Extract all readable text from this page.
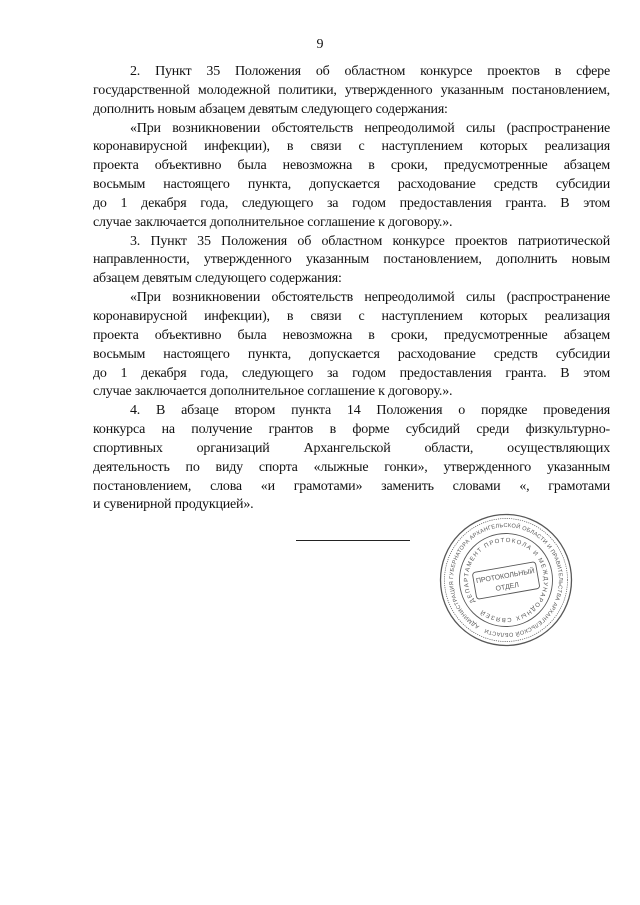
9
2. Пункт 35 Положения об областном конкурсе проектов в сфере
государственной молодежной политики, утвержденного указанным постановлением,
дополнить новым абзацем девятым следующего содержания:
«При возникновении обстоятельств непреодолимой силы (распространение
коронавирусной инфекции), в связи с наступлением которых реализация
проекта объективно была невозможна в сроки, предусмотренные абзацем
восьмым настоящего пункта, допускается расходование средств субсидии
до 1 декабря года, следующего за годом предоставления гранта. В этом
случае заключается дополнительное соглашение к договору.».
3. Пункт 35 Положения об областном конкурсе проектов патриотической
направленности, утвержденного указанным постановлением, дополнить новым
абзацем девятым следующего содержания:
«При возникновении обстоятельств непреодолимой силы (распространение
коронавирусной инфекции), в связи с наступлением которых реализация
проекта объективно была невозможна в сроки, предусмотренные абзацем
восьмым настоящего пункта, допускается расходование средств субсидии
до 1 декабря года, следующего за годом предоставления гранта. В этом
случае заключается дополнительное соглашение к договору.».
4. В абзаце втором пункта 14 Положения о порядке проведения
конкурса на получение грантов в форме субсидий среди физкультурно-
спортивных организаций Архангельской области, осуществляющих
деятельность по виду спорта «лыжные гонки», утвержденного указанным
постановлением, слова «и грамотами» заменить словами «, грамотами
и сувенирной продукцией».
АДМИНИСТРАЦИЯ ГУБЕРНАТОРА АРХАНГЕЛЬСКОЙ ОБЛАСТИ И ПРАВИТЕЛЬСТВА АРХАНГЕЛЬСКОЙ ОБЛАСТИ
ДЕПАРТАМЕНТ ПРОТОКОЛА И МЕЖДУНАРОДНЫХ СВЯЗЕЙ
ПРОТОКОЛЬНЫЙ
ОТДЕЛ
